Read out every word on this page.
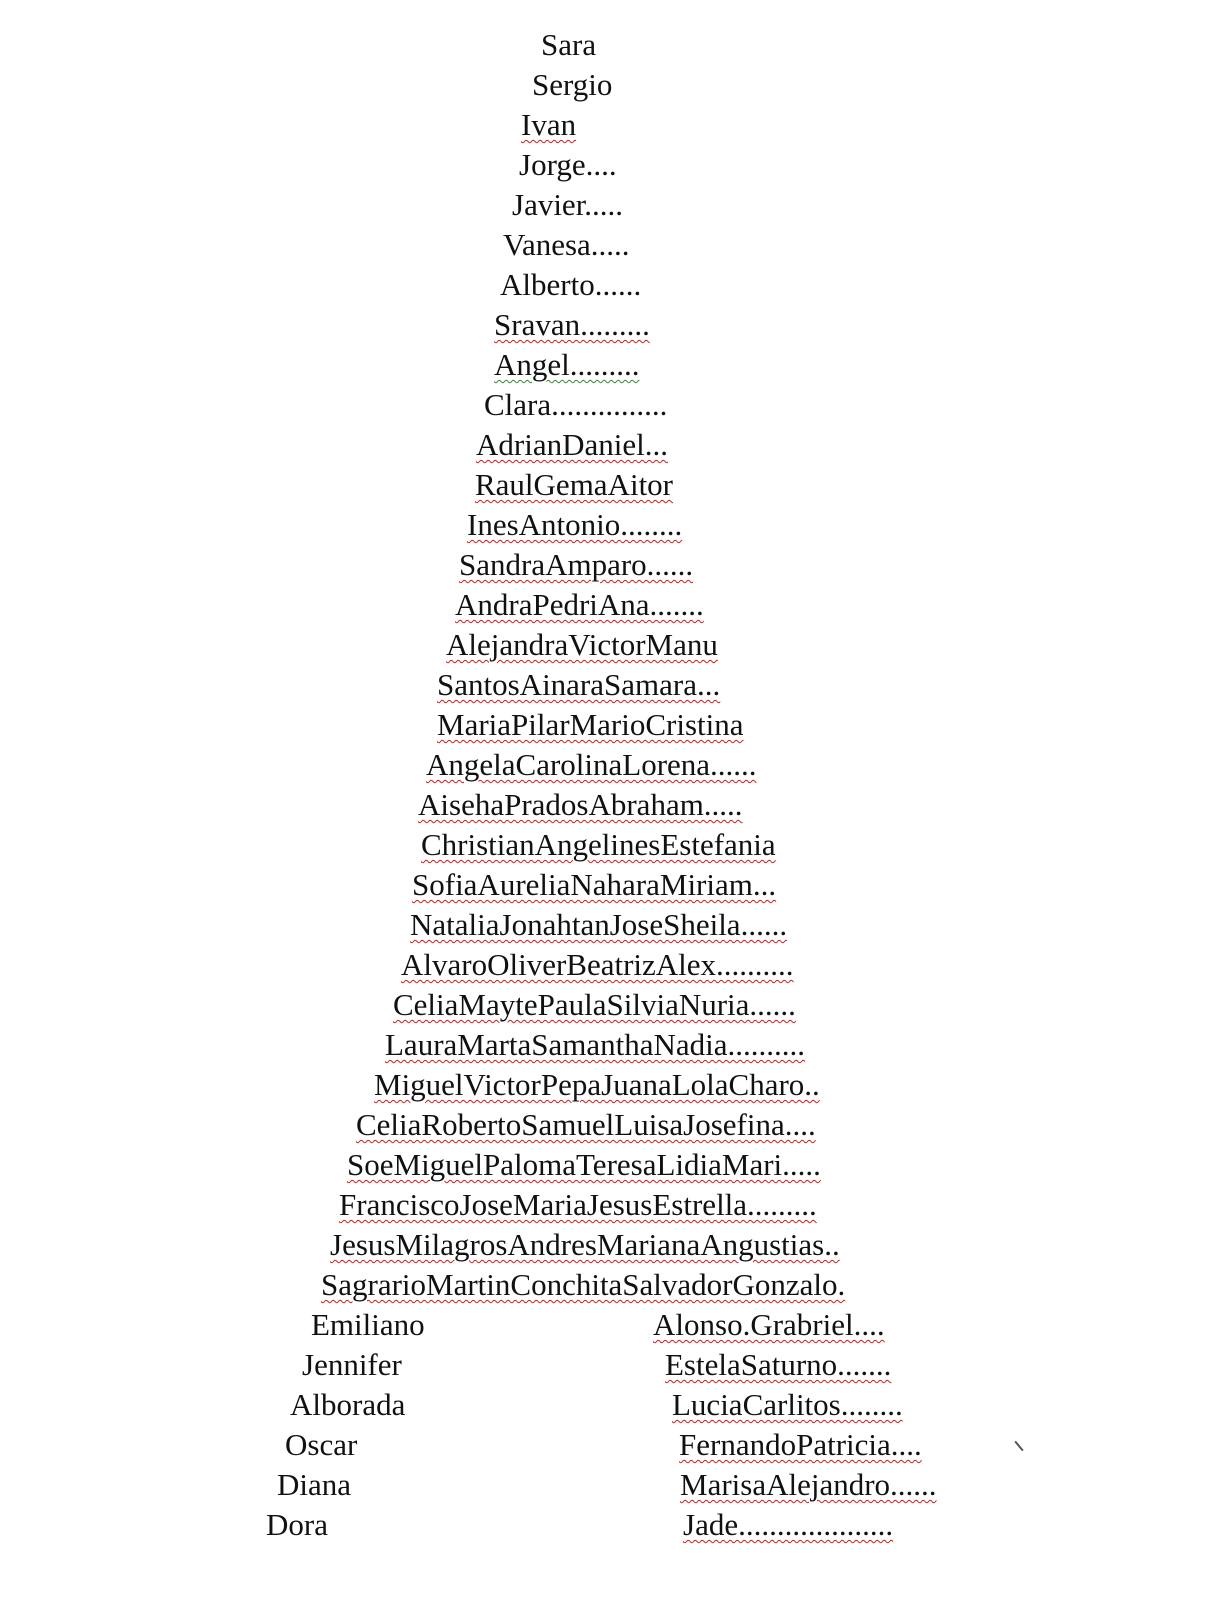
Sara
Sergio
Ivan
Jorge....
Javier.....
Vanesa.....
Alberto......
Sravan.........
Angel.........
Clara...............
AdrianDaniel...
RaulGemaAitor
InesAntonio........
SandraAmparo......
AndraPedriAna.......
AlejandraVictorManu
SantosAinaraSamara...
MariaPilarMarioCristina
AngelaCarolinaLorena......
AisehaPradosAbraham.....
ChristianAngelinesEstefania
SofiaAureliaNaharaMiriam...
NataliaJonahtanJoseSheila......
AlvaroOliverBeatrizAlex..........
CeliaMaytePaulaSilviaNuria......
LauraMartaSamanthaNadia..........
MiguelVictorPepaJuanaLolaCharo..
CeliaRobertoSamuelLuisaJosefina....
SoeMiguelPalomaTeresaLidiaMari.....
FranciscoJoseMariaJesusEstrella.........
JesusMilagrosAndresMarianaAngustias..
SagrarioMartinConchitaSalvadorGonzalo.
Emiliano	Alonso.Grabriel....
Jennifer	EstelaSaturno.......
Alborada	LuciaCarlitos........
Oscar	FernandoPatricia....
Diana	MarisaAlejandro......
Dora	Jade....................
